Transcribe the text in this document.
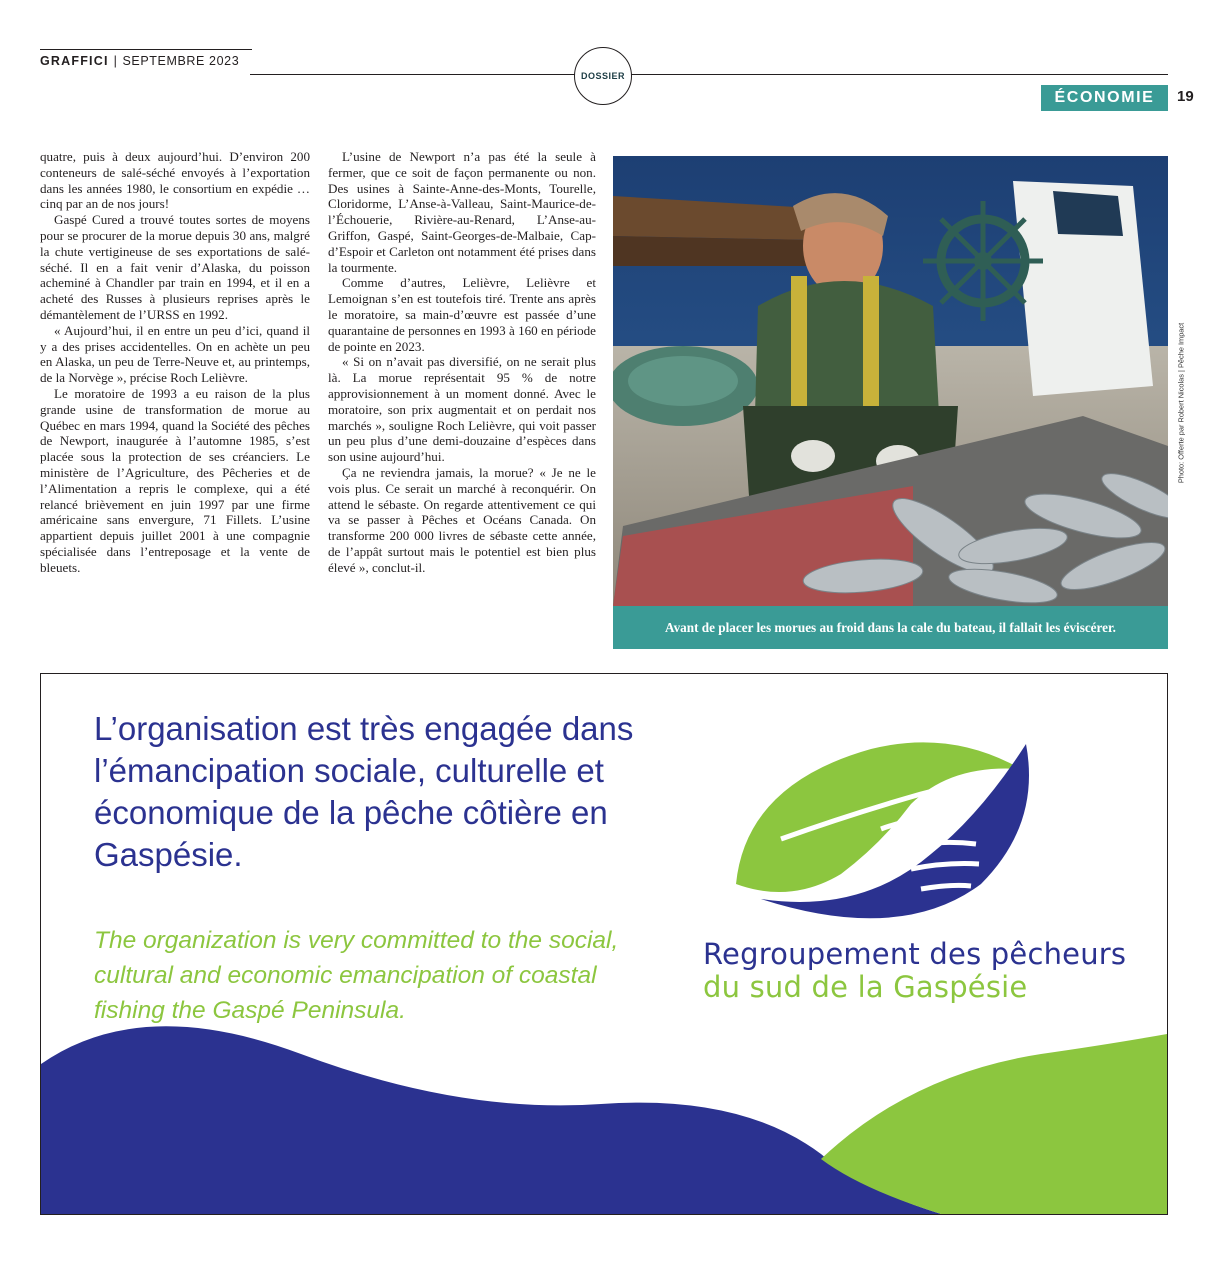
GRAFFICI | SEPTEMBRE 2023
DOSSIER
ÉCONOMIE	19

quatre, puis à deux aujourd’hui. D’environ 200 conteneurs de salé-séché envoyés à l’exportation dans les années 1980, le consortium en expédie … cinq par an de nos jours!

Gaspé Cured a trouvé toutes sortes de moyens pour se procurer de la morue depuis 30 ans, malgré la chute vertigineuse de ses exportations de salé-séché. Il en a fait venir d’Alaska, du poisson acheminé à Chandler par train en 1994, et il en a acheté des Russes à plusieurs reprises après le démantèlement de l’URSS en 1992.

« Aujourd’hui, il en entre un peu d’ici, quand il y a des prises accidentelles. On en achète un peu en Alaska, un peu de Terre-Neuve et, au printemps, de la Norvège », précise Roch Lelièvre.

Le moratoire de 1993 a eu raison de la plus grande usine de transformation de morue au Québec en mars 1994, quand la Société des pêches de Newport, inaugurée à l’automne 1985, s’est placée sous la protection de ses créanciers. Le ministère de l’Agriculture, des Pêcheries et de l’Alimentation a repris le complexe, qui a été relancé brièvement en juin 1997 par une firme américaine sans envergure, 71 Fillets. L’usine appartient depuis juillet 2001 à une compagnie spécialisée dans l’entreposage et la vente de bleuets.

L’usine de Newport n’a pas été la seule à fermer, que ce soit de façon permanente ou non. Des usines à Sainte-Anne-des-Monts, Tourelle, Cloridorme, L’Anse-à-Valleau, Saint-Maurice-de-l’Échouerie, Rivière-au-Renard, L’Anse-au-Griffon, Gaspé, Saint-Georges-de-Malbaie, Cap-d’Espoir et Carleton ont notamment été prises dans la tourmente.

Comme d’autres, Lelièvre, Lelièvre et Lemoignan s’en est toutefois tiré. Trente ans après le moratoire, sa main-d’œuvre est passée d’une quarantaine de personnes en 1993 à 160 en période de pointe en 2023.

« Si on n’avait pas diversifié, on ne serait plus là. La morue représentait 95 % de notre approvisionnement à un moment donné. Avec le moratoire, son prix augmentait et on perdait nos marchés », souligne Roch Lelièvre, qui voit passer un peu plus d’une demi-douzaine d’espèces dans son usine aujourd’hui.

Ça ne reviendra jamais, la morue? « Je ne le vois plus. Ce serait un marché à reconquérir. On attend le sébaste. On regarde attentivement ce qui va se passer à Pêches et Océans Canada. On transforme 200 000 livres de sébaste cette année, de l’appât surtout mais le potentiel est bien plus élevé », conclut-il.

Avant de placer les morues au froid dans la cale du bateau, il fallait les éviscérer.
Photo: Offerte par Robert Nicolas | Pêche Impact
L’organisation est très engagée dans l’émancipation sociale, culturelle et économique de la pêche côtière en Gaspésie.
The organization is very committed to the social, cultural and economic emancipation of coastal fishing the Gaspé Peninsula.
Regroupement des pêcheurs
du sud de la Gaspésie
